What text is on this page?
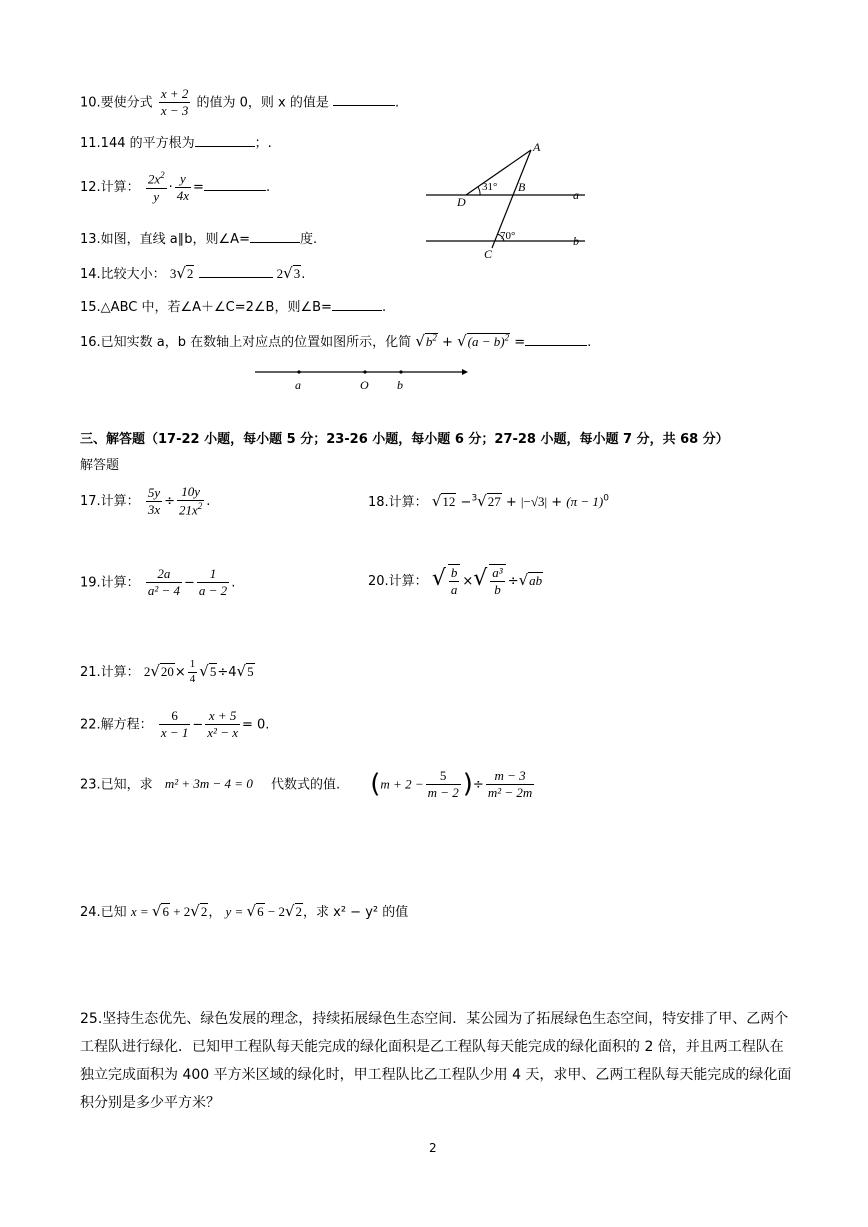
10.要使分式 $\frac{x + 2}{x - 3}$ 的值为 0，则 x 的值是	.
11.144 的平方根为	；.
12.计算： $\frac{2x^2}{y} \cdot \frac{y}{4x}$ =	.
13.如图，直线 a∥b，则∠A=	度.
14.比较大小： 3√2	2√3.
15.△ABC 中，若∠A＋∠C=2∠B，则∠B=	.
16.已知实数 a，b 在数轴上对应点的位置如图所示，化简 $√b^2 + √(a - b)^2$ =	.
A
B
C
D	a
b
31°
70°
a	O b
三、解答题（17-22 小题，每小题 5 分；23-26 小题，每小题 6 分；27-28 小题，每小题 7 分，共 68 分）
解答题
17.计算： $\frac{5y}{3x} \div \frac{10y}{21x^2}$ .	18.计算： $√12 -^3√27 + |-√3| + (\pi - 1)^0$
19.计算： $\frac{2a}{\text{a² − 4}} - \frac{1}{a - 2}$ .	20.计算： √ $\frac{b}{a}$ ×√ $\frac{\text{a³}}{b} \div√ab$
21.计算： $2√20\times \frac{1}{4} √5\div 4√5$
22.解方程： $\frac{6}{x - 1} - \frac{x + 5}{\text{x² − x}} = 0$.
23.已知，求 m² + 3m − 4 = 0 代数式的值. ($m + 2 - \frac{5}{m - 2}$ )÷ $\frac{m - 3}{\text{m² − 2m}}$
24.已知 x = √6 + 2√2， y = √6 − 2√2，求 x² − y² 的值
25.坚持生态优先、绿色发展的理念，持续拓展绿色生态空间．某公园为了拓展绿色生态空间，特安排了甲、乙两个工程队进行绿化．已知甲工程队每天能完成的绿化面积是乙工程队每天能完成的绿化面积的 2 倍，并且两工程队在独立完成面积为 400 平方米区域的绿化时，甲工程队比乙工程队少用 4 天，求甲、乙两工程队每天能完成的绿化面积分别是多少平方米？
2
